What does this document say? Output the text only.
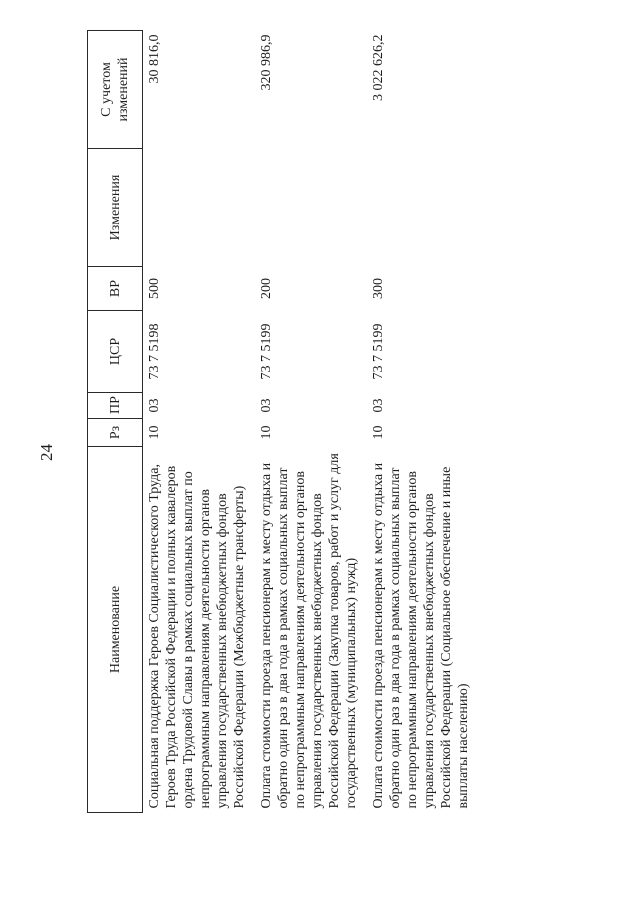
24
Наименование	Рз	ПР	ЦСР	ВР	Изменения	С учетом изменений
Социальная поддержка Героев Социалистического Труда, Героев Труда Российской Федерации и полных кавалеров ордена Трудовой Славы в рамках социальных выплат по непрограммным направлениям деятельности органов управления государственных внебюджетных фондов Российской Федерации (Межбюджетные трансферты)	10	03	73 7 5198	500		30 816,0
Оплата стоимости проезда пенсионерам к месту отдыха и обратно один раз в два года в рамках социальных выплат по непрограммным направлениям деятельности органов управления государственных внебюджетных фондов Российской Федерации (Закупка товаров, работ и услуг для государственных (муниципальных) нужд)	10	03	73 7 5199	200		320 986,9
Оплата стоимости проезда пенсионерам к месту отдыха и обратно один раз в два года в рамках социальных выплат по непрограммным направлениям деятельности органов управления государственных внебюджетных фондов Российской Федерации (Социальное обеспечение и иные выплаты населению)	10	03	73 7 5199	300		3 022 626,2
